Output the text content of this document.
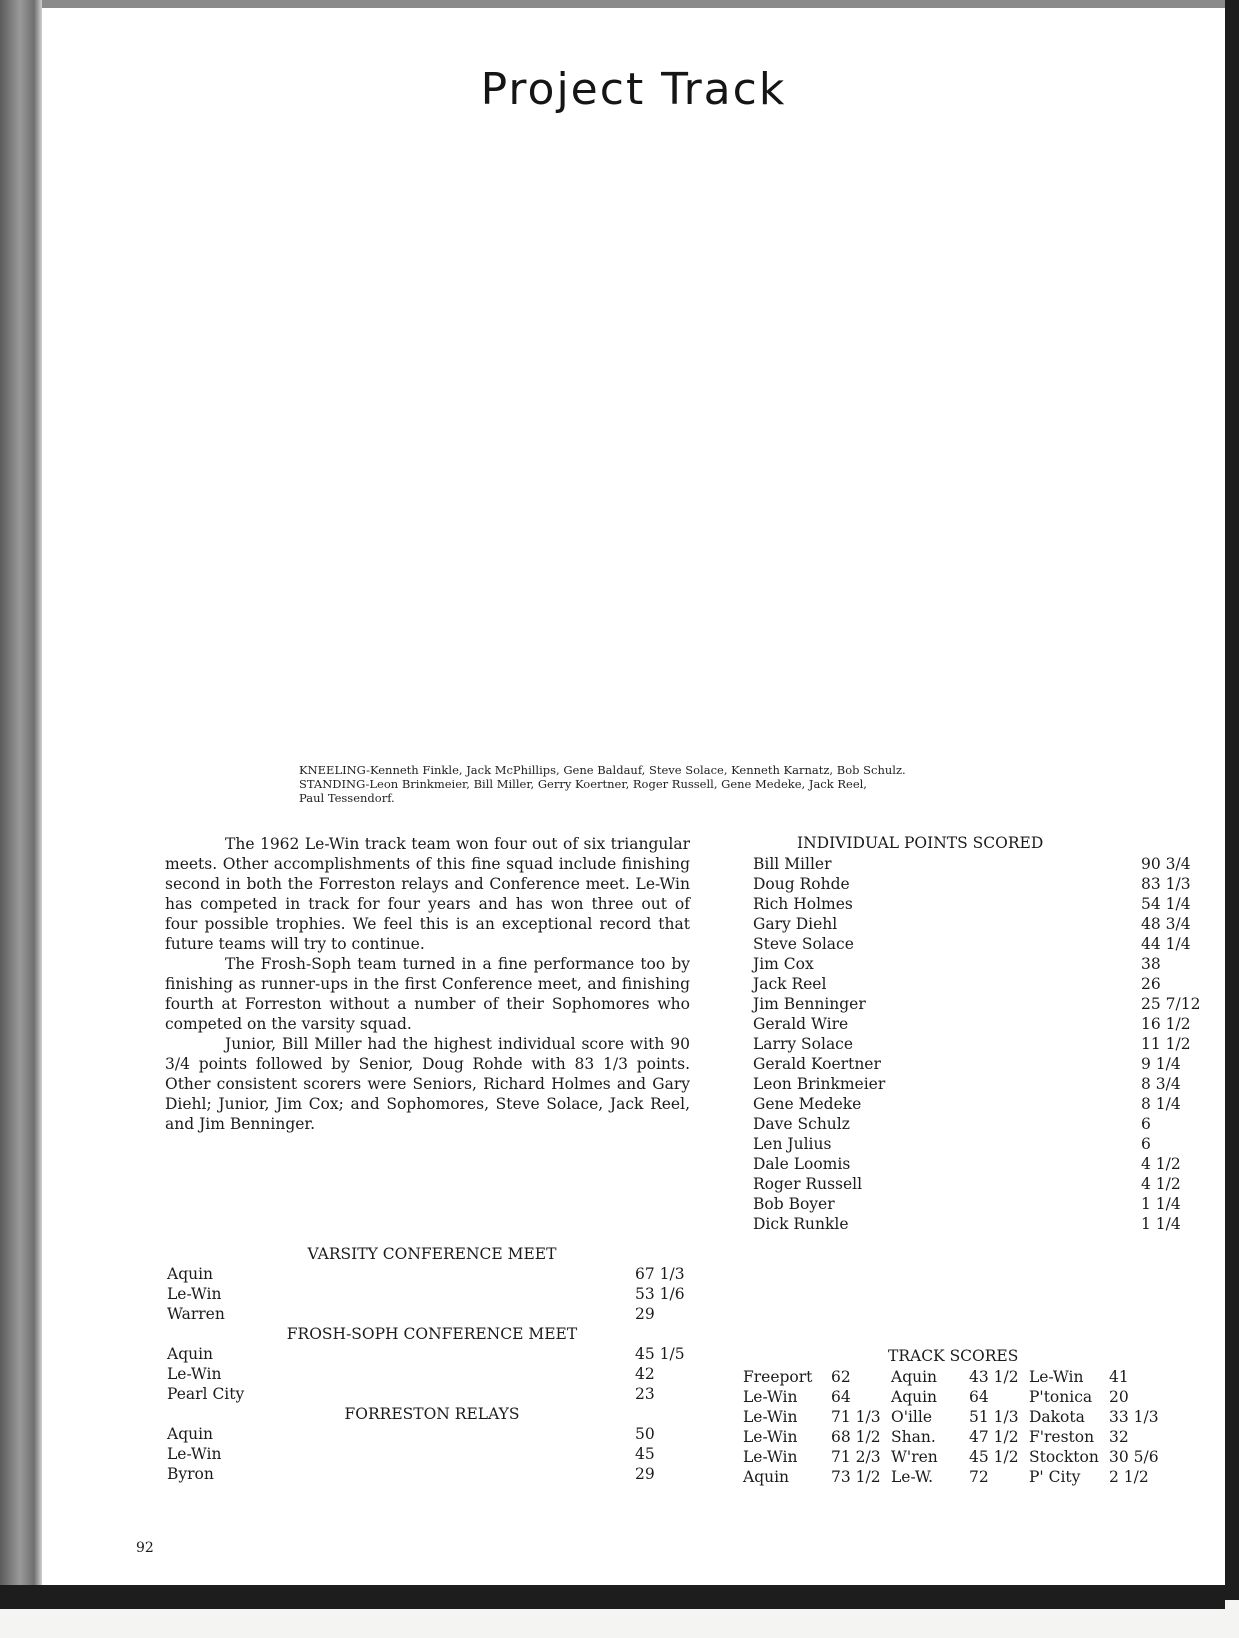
Project Track
KNEELING-Kenneth Finkle, Jack McPhillips, Gene Baldauf, Steve Solace, Kenneth Karnatz, Bob Schulz.
STANDING-Leon Brinkmeier, Bill Miller, Gerry Koertner, Roger Russell, Gene Medeke, Jack Reel,
Paul Tessendorf.

The 1962 Le-Win track team won four out of six triangular meets. Other accomplishments of this fine squad include finishing second in both the Forreston relays and Conference meet. Le-Win has competed in track for four years and has won three out of four possible trophies. We feel this is an exceptional record that future teams will try to continue.

The Frosh-Soph team turned in a fine performance too by finishing as runner-ups in the first Conference meet, and finishing fourth at Forreston without a number of their Sophomores who competed on the varsity squad.

Junior, Bill Miller had the highest individual score with 90 3/4 points followed by Senior, Doug Rohde with 83 1/3 points. Other consistent scorers were Seniors, Richard Holmes and Gary Diehl; Junior, Jim Cox; and Sophomores, Steve Solace, Jack Reel, and Jim Benninger.

INDIVIDUAL POINTS SCORED
Bill Miller	90 3/4
Doug Rohde	83 1/3
Rich Holmes	54 1/4
Gary Diehl	48 3/4
Steve Solace	44 1/4
Jim Cox	38
Jack Reel	26
Jim Benninger	25 7/12
Gerald Wire	16 1/2
Larry Solace	11 1/2
Gerald Koertner	9 1/4
Leon Brinkmeier	8 3/4
Gene Medeke	8 1/4
Dave Schulz	6
Len Julius	6
Dale Loomis	4 1/2
Roger Russell	4 1/2
Bob Boyer	1 1/4
Dick Runkle	1 1/4
VARSITY CONFERENCE MEET
Aquin	67 1/3
Le-Win	53 1/6
Warren	29
FROSH-SOPH CONFERENCE MEET
Aquin	45 1/5
Le-Win	42
Pearl City	23
FORRESTON RELAYS
Aquin	50
Le-Win	45
Byron	29
TRACK SCORES
Freeport	62	Aquin	43 1/2	Le-Win	41
Le-Win	64	Aquin	64	P'tonica	20
Le-Win	71 1/3	O'ille	51 1/3	Dakota	33 1/3
Le-Win	68 1/2	Shan.	47 1/2	F'reston	32
Le-Win	71 2/3	W'ren	45 1/2	Stockton	30 5/6
Aquin	73 1/2	Le-W.	72	P' City	2 1/2
92
